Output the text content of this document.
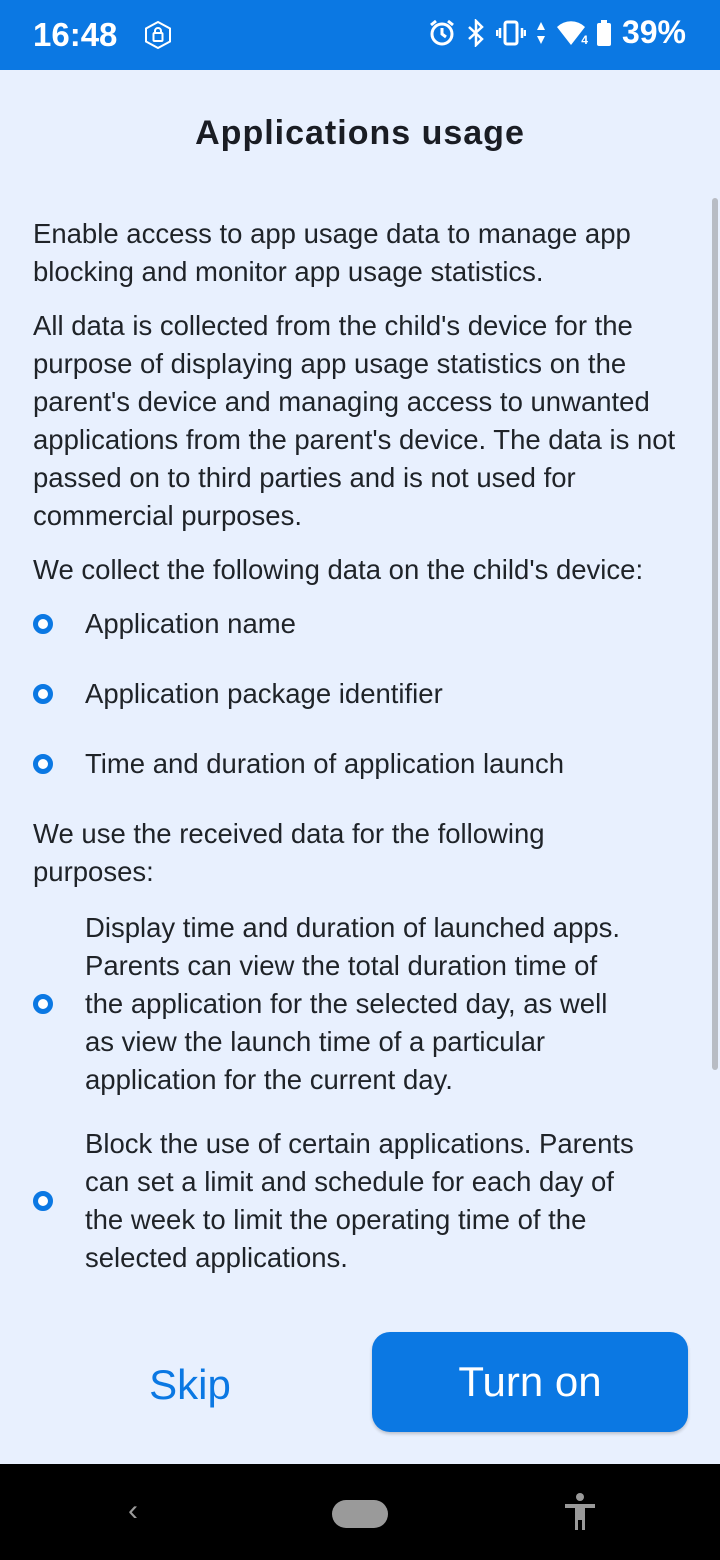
16:48	4 39%
Applications usage

Enable access to app usage data to manage app blocking and monitor app usage statistics.

All data is collected from the child's device for the purpose of displaying app usage statistics on the parent's device and managing access to unwanted applications from the parent's device. The data is not passed on to third parties and is not used for commercial purposes.

We collect the following data on the child's device:

Application name
Application package identifier
Time and duration of application launch

We use the received data for the following purposes:

Display time and duration of launched apps. Parents can view the total duration time of the application for the selected day, as well as view the launch time of a particular application for the current day.
Block the use of certain applications. Parents can set a limit and schedule for each day of the week to limit the operating time of the selected applications.
Skip	Turn on
‹
